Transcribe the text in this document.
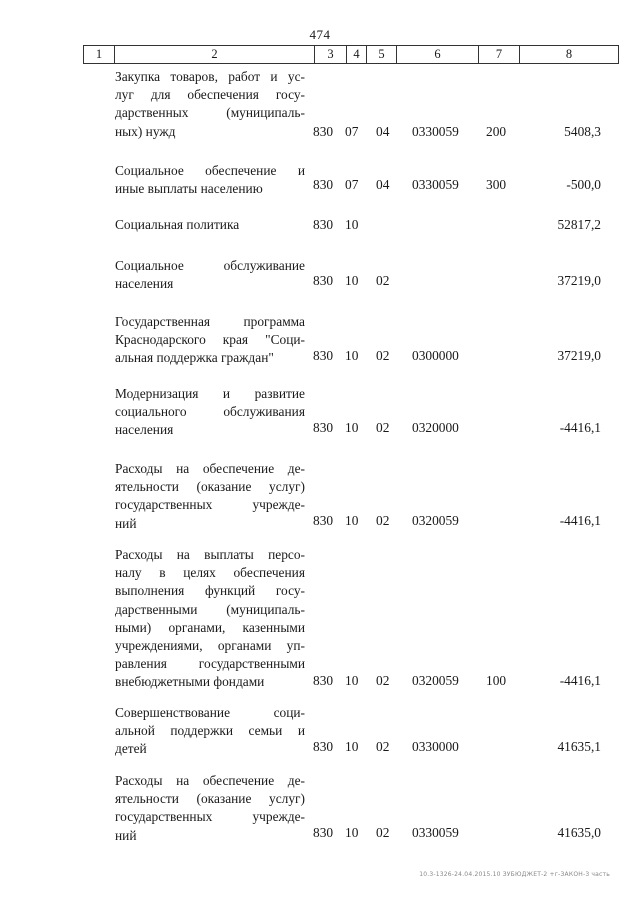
474
1	2	3	4	5	6	7	8
Закупка товаров, работ и ус-
луг для обеспечения госу-
дарственных (муниципаль-
ных) нужд	830 07 04 0330059 200	5408,3
Социальное обеспечение и
иные выплаты населению	830 07 04 0330059 300	-500,0
Социальная политика	830 10	52817,2
Социальное обслуживание
населения	830 10 02	37219,0
Государственная программа
Краснодарского края "Соци-
альная поддержка граждан"	830 10 02 0300000	37219,0
Модернизация и развитие
социального обслуживания
населения	830 10 02 0320000	-4416,1
Расходы на обеспечение де-
ятельности (оказание услуг)
государственных учрежде-
ний	830 10 02 0320059	-4416,1
Расходы на выплаты персо-
налу в целях обеспечения
выполнения функций госу-
дарственными (муниципаль-
ными) органами, казенными
учреждениями, органами уп-
равления государственными
внебюджетными фондами	830 10 02 0320059 100	-4416,1
Совершенствование соци-
альной поддержки семьи и
детей	830 10 02 0330000	41635,1
Расходы на обеспечение де-
ятельности (оказание услуг)
государственных учрежде-
ний	830 10 02 0330059	41635,0
10.3-1326-24.04.2015.10 ЗУБЮДЖЕТ-2 +г-ЗАКОН-3 часть
